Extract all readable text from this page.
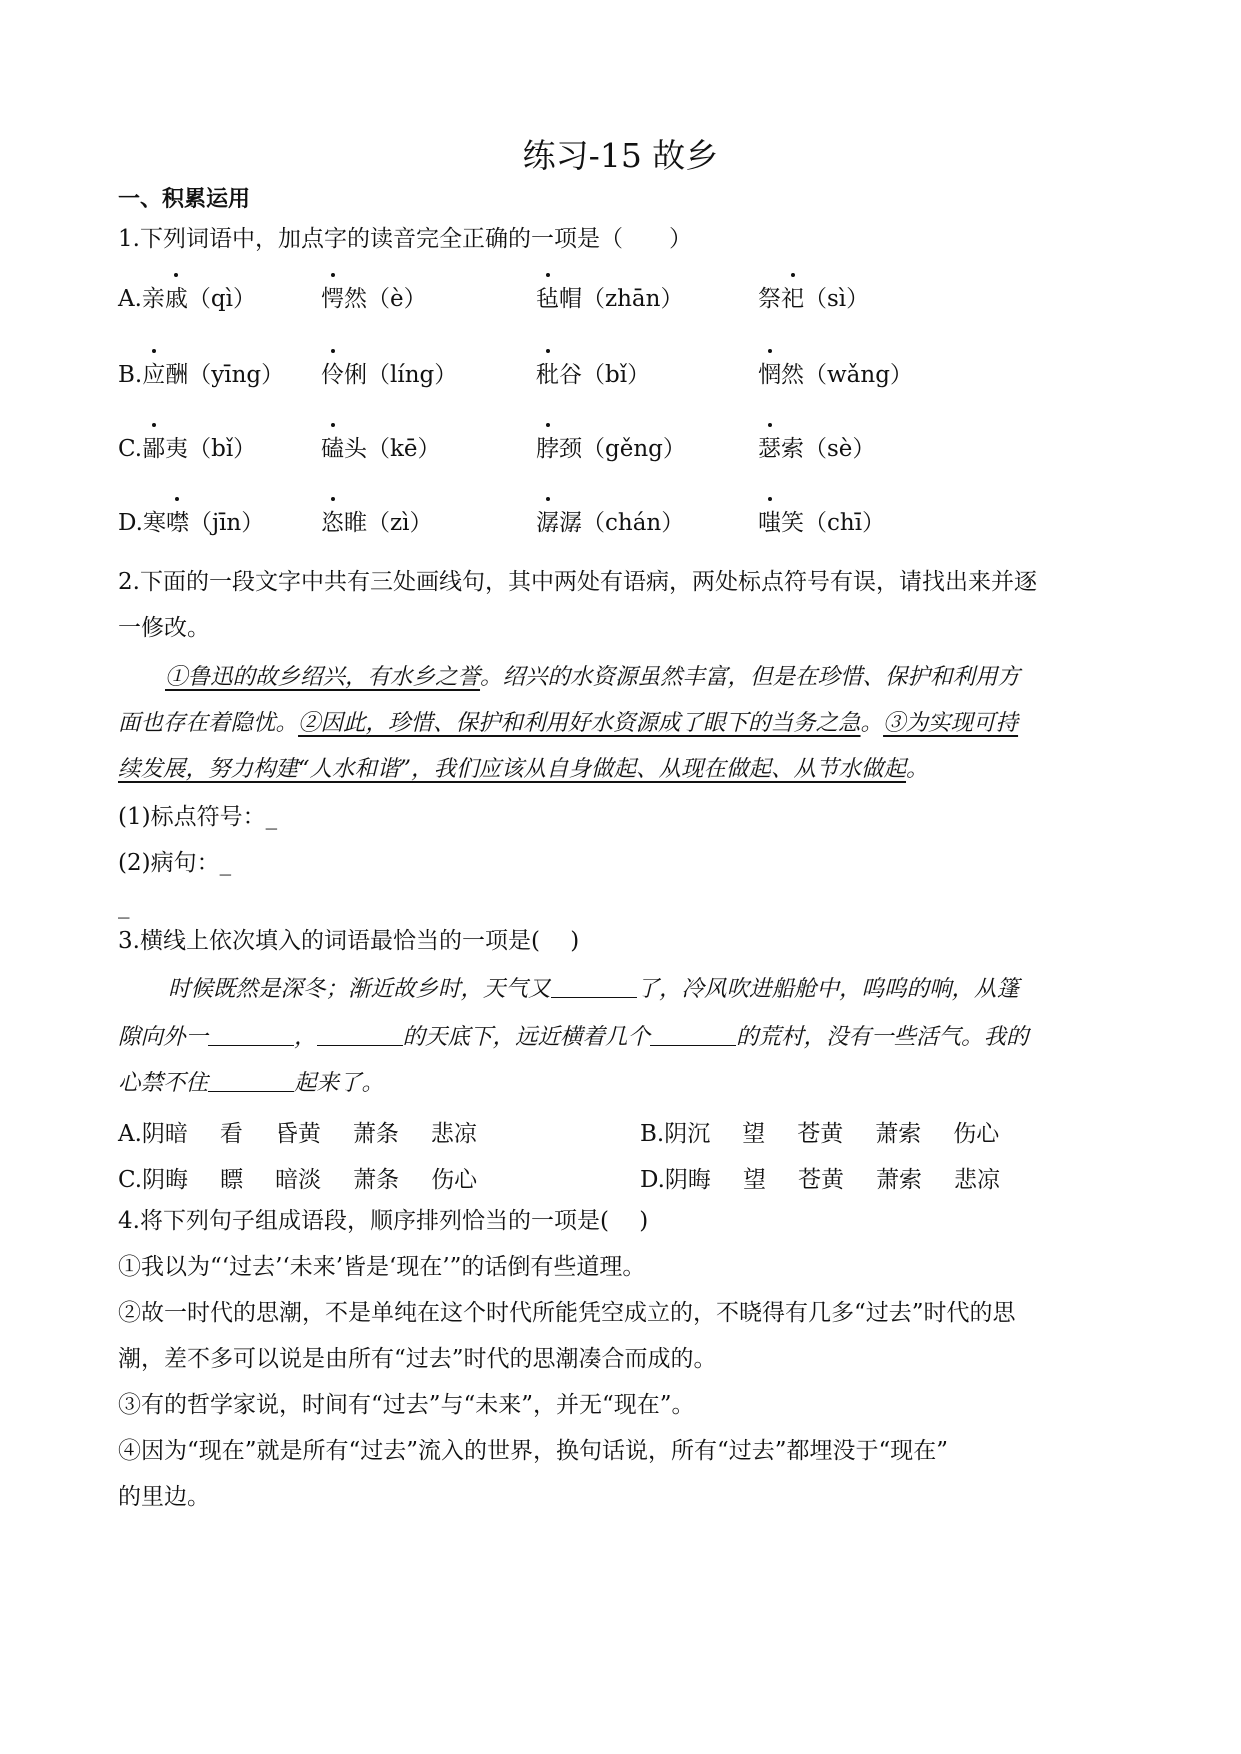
练习-15 故乡
一、积累运用
1.下列词语中，加点字的读音完全正确的一项是（　　）
A.亲戚（qì）	愕然（è）	毡帽（zhān）	祭祀（sì）
B.应酬（yīng） 伶俐（líng）	秕谷（bǐ）	惘然（wǎng）
C.鄙夷（bǐ）	磕头（kē）	脖颈（gěng）	瑟索（sè）
D.寒噤（jīn） 恣睢（zì）	潺潺（chán）	嗤笑（chī）
2.下面的一段文字中共有三处画线句，其中两处有语病，两处标点符号有误，请找出来并逐
一修改。
①鲁迅的故乡绍兴，有水乡之誉。绍兴的水资源虽然丰富，但是在珍惜、保护和利用方
面也存在着隐忧。②因此，珍惜、保护和利用好水资源成了眼下的当务之急。③为实现可持
续发展，努力构建“人水和谐”，我们应该从自身做起、从现在做起、从节水做起。
(1)标点符号：_
(2)病句：_
_
3.横线上依次填入的词语最恰当的一项是(　 )
时候既然是深冬；渐近故乡时，天气又	了，冷风吹进船舱中，呜呜的响，从篷
隙向外一	，	的天底下，远近横着几个	的荒村，没有一些活气。我的
心禁不住	起来了。
A.阴暗 看 昏黄 萧条 悲凉	B.阴沉 望 苍黄 萧索 伤心
C.阴晦 瞟 暗淡 萧条 伤心	D.阴晦 望 苍黄 萧索 悲凉
4.将下列句子组成语段，顺序排列恰当的一项是(　 )
①我以为“‘过去’‘未来’皆是‘现在’”的话倒有些道理。
②故一时代的思潮，不是单纯在这个时代所能凭空成立的，不晓得有几多“过去”时代的思
潮，差不多可以说是由所有“过去”时代的思潮凑合而成的。
③有的哲学家说，时间有“过去”与“未来”，并无“现在”。
④因为“现在”就是所有“过去”流入的世界，换句话说，所有“过去”都埋没于“现在”
的里边。
